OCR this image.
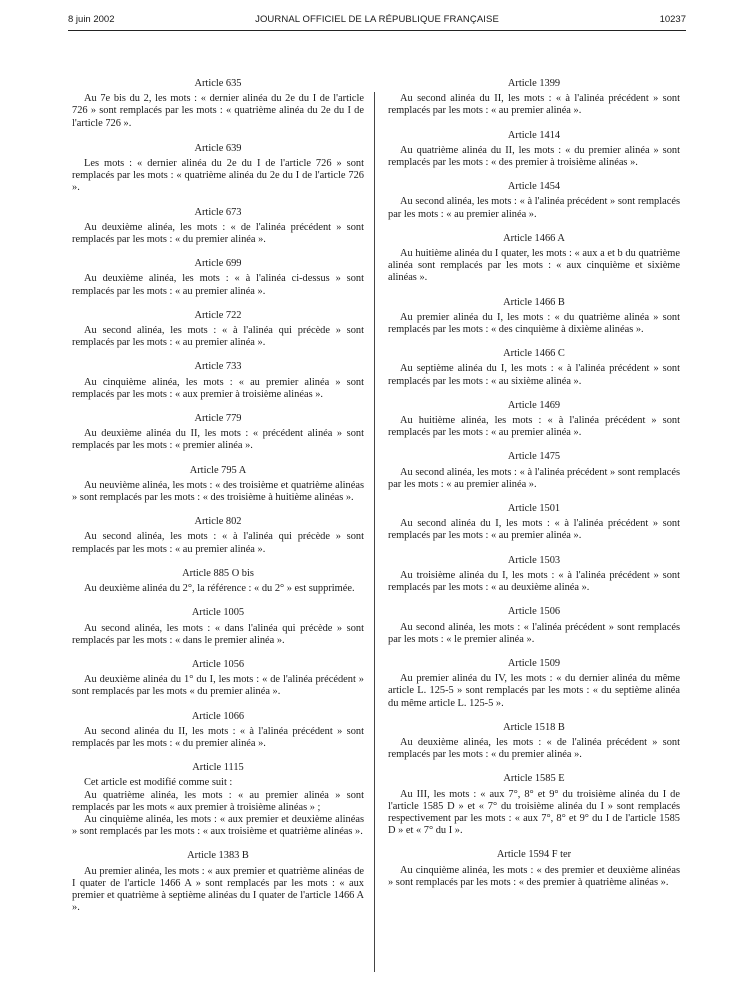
8 juin 2002	JOURNAL OFFICIEL DE LA RÉPUBLIQUE FRANÇAISE	10237
Article 635

Au 7e bis du 2, les mots : « dernier alinéa du 2e du I de l'article 726 » sont remplacés par les mots : « quatrième alinéa du 2e du I de l'article 726 ».

Article 639

Les mots : « dernier alinéa du 2e du I de l'article 726 » sont remplacés par les mots : « quatrième alinéa du 2e du I de l'article 726 ».

Article 673

Au deuxième alinéa, les mots : « de l'alinéa précédent » sont remplacés par les mots : « du premier alinéa ».

Article 699

Au deuxième alinéa, les mots : « à l'alinéa ci-dessus » sont remplacés par les mots : « au premier alinéa ».

Article 722

Au second alinéa, les mots : « à l'alinéa qui précède » sont remplacés par les mots : « au premier alinéa ».

Article 733

Au cinquième alinéa, les mots : « au premier alinéa » sont remplacés par les mots : « aux premier à troisième alinéas ».

Article 779

Au deuxième alinéa du II, les mots : « précédent alinéa » sont remplacés par les mots : « premier alinéa ».

Article 795 A

Au neuvième alinéa, les mots : « des troisième et quatrième alinéas » sont remplacés par les mots : « des troisième à huitième alinéas ».

Article 802

Au second alinéa, les mots : « à l'alinéa qui précède » sont remplacés par les mots : « au premier alinéa ».

Article 885 O bis

Au deuxième alinéa du 2°, la référence : « du 2° » est supprimée.

Article 1005

Au second alinéa, les mots : « dans l'alinéa qui précède » sont remplacés par les mots : « dans le premier alinéa ».

Article 1056

Au deuxième alinéa du 1° du I, les mots : « de l'alinéa précédent » sont remplacés par les mots « du premier alinéa ».

Article 1066

Au second alinéa du II, les mots : « à l'alinéa précédent » sont remplacés par les mots : « du premier alinéa ».

Article 1115

Cet article est modifié comme suit :

Au quatrième alinéa, les mots : « au premier alinéa » sont remplacés par les mots « aux premier à troisième alinéas » ;

Au cinquième alinéa, les mots : « aux premier et deuxième alinéas » sont remplacés par les mots : « aux troisième et quatrième alinéas ».

Article 1383 B

Au premier alinéa, les mots : « aux premier et quatrième alinéas de I quater de l'article 1466 A » sont remplacés par les mots : « aux premier et quatrième à septième alinéas du I quater de l'article 1466 A ».

Article 1399

Au second alinéa du II, les mots : « à l'alinéa précédent » sont remplacés par les mots : « au premier alinéa ».

Article 1414

Au quatrième alinéa du II, les mots : « du premier alinéa » sont remplacés par les mots : « des premier à troisième alinéas ».

Article 1454

Au second alinéa, les mots : « à l'alinéa précédent » sont remplacés par les mots : « au premier alinéa ».

Article 1466 A

Au huitième alinéa du I quater, les mots : « aux a et b du quatrième alinéa sont remplacés par les mots : « aux cinquième et sixième alinéas ».

Article 1466 B

Au premier alinéa du I, les mots : « du quatrième alinéa » sont remplacés par les mots : « des cinquième à dixième alinéas ».

Article 1466 C

Au septième alinéa du I, les mots : « à l'alinéa précédent » sont remplacés par les mots : « au sixième alinéa ».

Article 1469

Au huitième alinéa, les mots : « à l'alinéa précédent » sont remplacés par les mots : « au premier alinéa ».

Article 1475

Au second alinéa, les mots : « à l'alinéa précédent » sont remplacés par les mots : « au premier alinéa ».

Article 1501

Au second alinéa du I, les mots : « à l'alinéa précédent » sont remplacés par les mots : « au premier alinéa ».

Article 1503

Au troisième alinéa du I, les mots : « à l'alinéa précédent » sont remplacés par les mots : « au deuxième alinéa ».

Article 1506

Au second alinéa, les mots : « l'alinéa précédent » sont remplacés par les mots : « le premier alinéa ».

Article 1509

Au premier alinéa du IV, les mots : « du dernier alinéa du même article L. 125-5 » sont remplacés par les mots : « du septième alinéa du même article L. 125-5 ».

Article 1518 B

Au deuxième alinéa, les mots : « de l'alinéa précédent » sont remplacés par les mots : « du premier alinéa ».

Article 1585 E

Au III, les mots : « aux 7°, 8° et 9° du troisième alinéa du I de l'article 1585 D » et « 7° du troisième alinéa du I » sont remplacés respectivement par les mots : « aux 7°, 8° et 9° du I de l'article 1585 D » et « 7° du I ».

Article 1594 F ter

Au cinquième alinéa, les mots : « des premier et deuxième alinéas » sont remplacés par les mots : « des premier à quatrième alinéas ».
